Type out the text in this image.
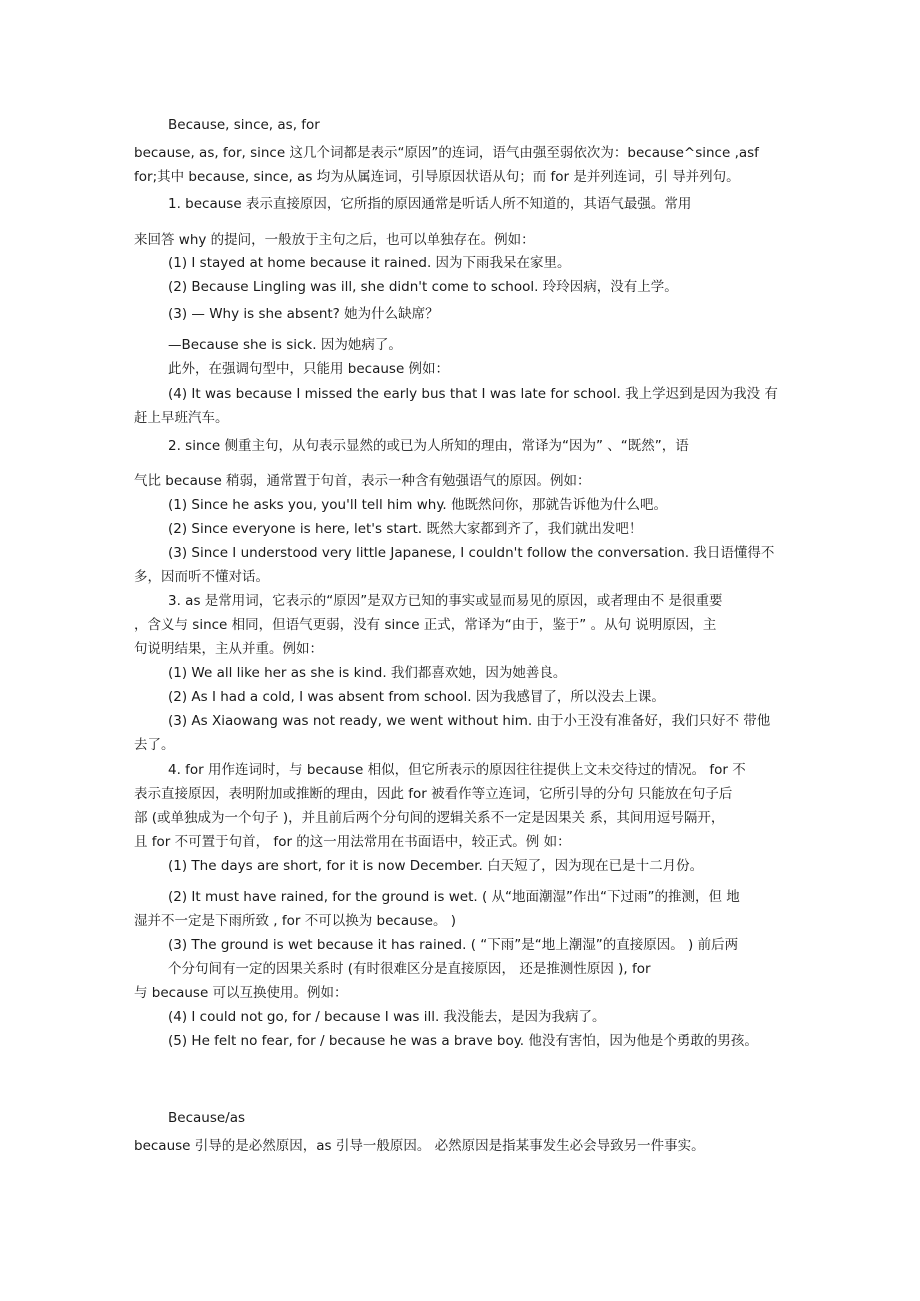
Because, since, as, for
because, as, for, since 这几个词都是表示“原因”的连词，语气由强至弱依次为：because^since ,asf
for;其中 because, since, as 均为从属连词，引导原因状语从句；而 for 是并列连词，引 导并列句。
1. because 表示直接原因，它所指的原因通常是听话人所不知道的，其语气最强。常用
来回答 why 的提问，一般放于主句之后，也可以单独存在。例如：
(1) I stayed at home because it rained. 因为下雨我呆在家里。
(2) Because Lingling was ill, she didn't come to school. 玲玲因病，没有上学。
(3) — Why is she absent? 她为什么缺席？
—Because she is sick. 因为她病了。
此外，在强调句型中，只能用 because 例如：
(4) It was because I missed the early bus that I was late for school. 我上学迟到是因为我没 有
赶上早班汽车。
2. since 侧重主句，从句表示显然的或已为人所知的理由，常译为“因为” 、“既然”，语
气比 because 稍弱，通常置于句首，表示一种含有勉强语气的原因。例如：
(1) Since he asks you, you'll tell him why. 他既然问你，那就告诉他为什么吧。
(2) Since everyone is here, let's start. 既然大家都到齐了，我们就出发吧！
(3) Since I understood very little Japanese, I couldn't follow the conversation. 我日语懂得不
多，因而听不懂对话。
3. as 是常用词，它表示的“原因”是双方已知的事实或显而易见的原因，或者理由不 是很重要
，含义与 since 相同，但语气更弱，没有 since 正式，常译为“由于，鉴于” 。从句 说明原因，主
句说明结果，主从并重。例如：
(1) We all like her as she is kind. 我们都喜欢她，因为她善良。
(2) As I had a cold, I was absent from school. 因为我感冒了，所以没去上课。
(3) As Xiaowang was not ready, we went without him. 由于小王没有准备好，我们只好不 带他
去了。
4. for 用作连词时，与 because 相似，但它所表示的原因往往提供上文未交待过的情况。 for 不
表示直接原因，表明附加或推断的理由，因此 for 被看作等立连词，它所引导的分句 只能放在句子后
部 (或单独成为一个句子 )，并且前后两个分句间的逻辑关系不一定是因果关 系，其间用逗号隔开，
且 for 不可置于句首， for 的这一用法常用在书面语中，较正式。例 如：
(1) The days are short, for it is now December. 白天短了，因为现在已是十二月份。
(2) It must have rained, for the ground is wet. ( 从“地面潮湿”作出“下过雨”的推测，但 地
湿并不一定是下雨所致 , for 不可以换为 because。 )
(3) The ground is wet because it has rained. ( “下雨”是“地上潮湿”的直接原因。 ) 前后两
个分句间有一定的因果关系时 (有时很难区分是直接原因， 还是推测性原因 ), for
与 because 可以互换使用。例如：
(4) I could not go, for / because I was ill. 我没能去，是因为我病了。
(5) He felt no fear, for / because he was a brave boy. 他没有害怕，因为他是个勇敢的男孩。
Because/as
because 引导的是必然原因，as 引导一般原因。 必然原因是指某事发生必会导致另一件事实。
